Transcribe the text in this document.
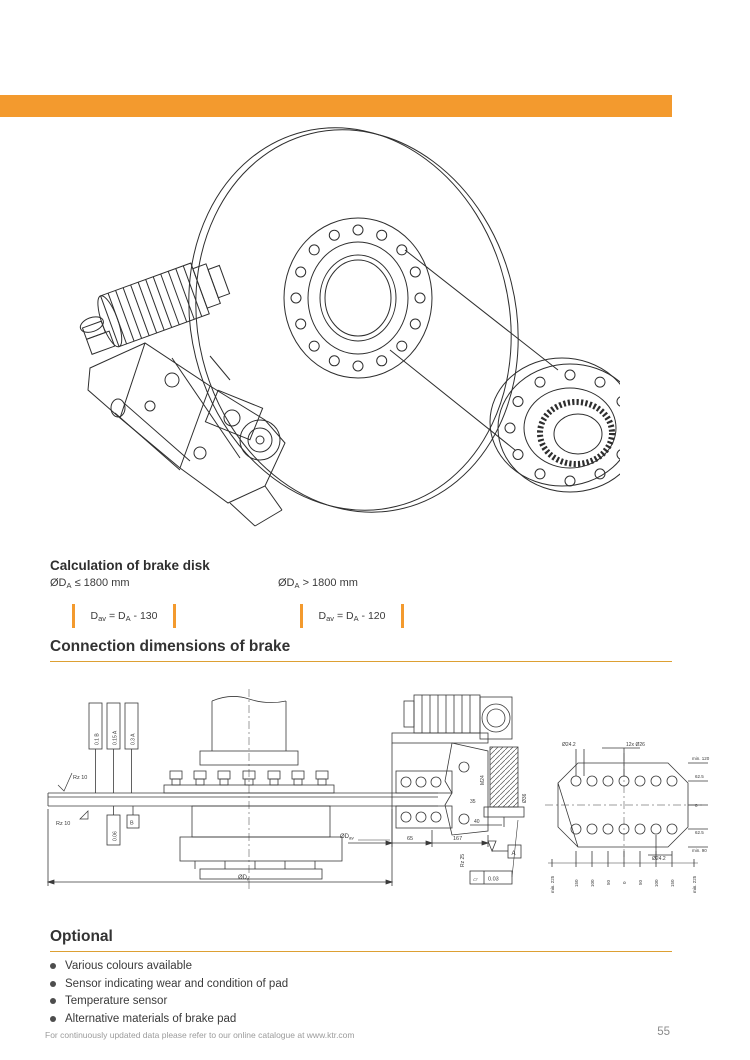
Calculation of brake disk

$ØD_A \le 1800$ mm
$D_{av} = D_A - 130$
$ØD_A > 1800$ mm
$D_{av} = D_A - 120$

Connection dimensions of brake

Rz 10
Rz 10
0.1 B 0.15 A 0.3 A
0.06
B
$ØD_a$
65	167
40
35
M24
Ø36
Rz 25
$ØD_{av}$
A
▱ 0.03
Ø24.2	12x Ø26
min. 120
62.5
0
62.5
min. 90
Ø24.2
min. 225	150 100 50 0 50 100 150	min. 225

Optional

Various colours available
Sensor indicating wear and condition of pad
Temperature sensor
Alternative materials of brake pad
For continuously updated data please refer to our online catalogue at www.ktr.com	55
